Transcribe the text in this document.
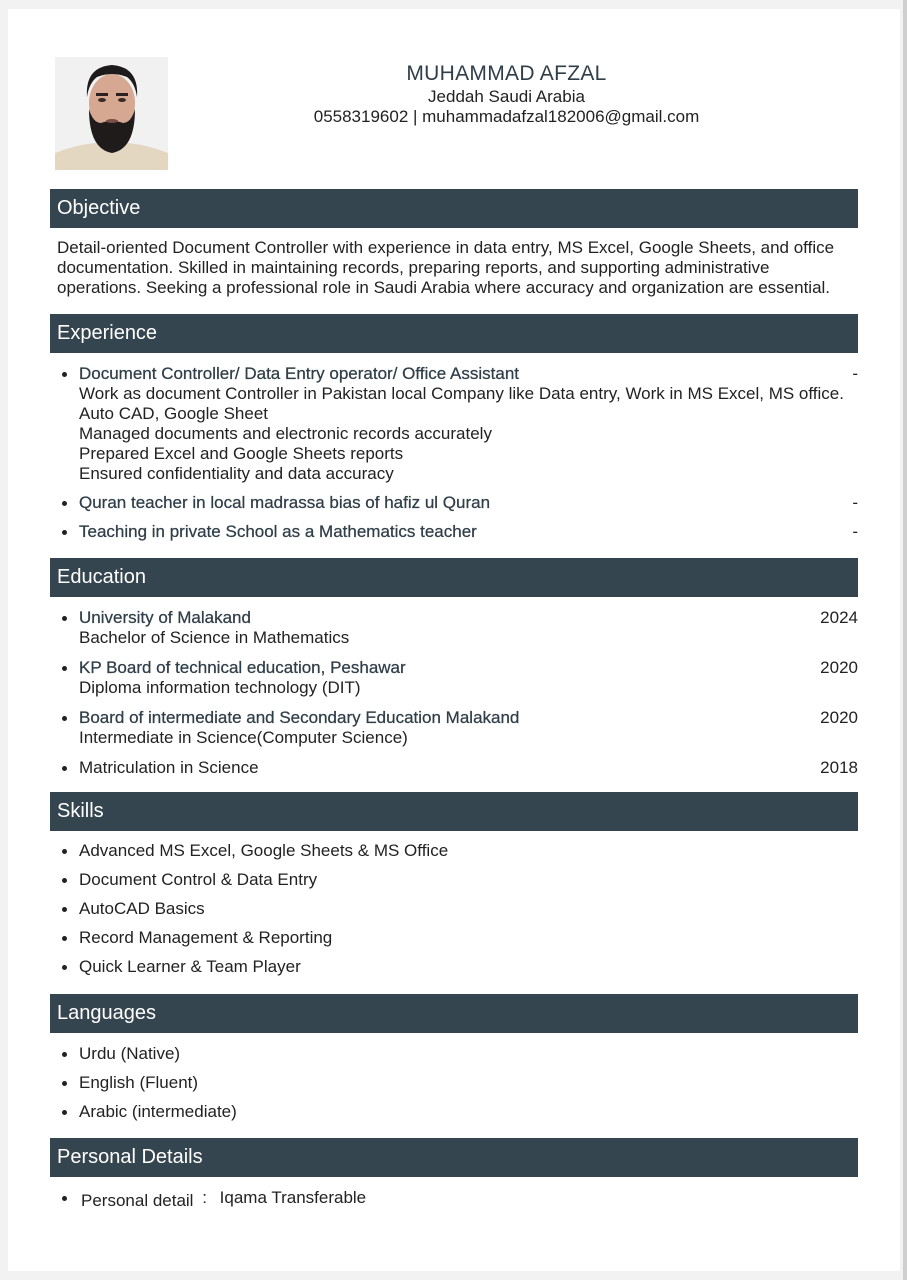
MUHAMMAD AFZAL
Jeddah Saudi Arabia
0558319602 | muhammadafzal182006@gmail.com
Objective
Detail-oriented Document Controller with experience in data entry, MS Excel, Google Sheets, and office documentation. Skilled in maintaining records, preparing reports, and supporting administrative operations. Seeking a professional role in Saudi Arabia where accuracy and organization are essential.
Experience
Document Controller/ Data Entry operator/ Office Assistant	-
Work as document Controller in Pakistan local Company like Data entry, Work in MS Excel, MS office. Auto CAD, Google Sheet
Managed documents and electronic records accurately
Prepared Excel and Google Sheets reports
Ensured confidentiality and data accuracy
Quran teacher in local madrassa bias of hafiz ul Quran	-
Teaching in private School as a Mathematics teacher	-
Education
University of Malakand	2024
Bachelor of Science in Mathematics
KP Board of technical education, Peshawar	2020
Diploma information technology (DIT)
Board of intermediate and Secondary Education Malakand	2020
Intermediate in Science(Computer Science)
Matriculation in Science	2018
Skills
Advanced MS Excel, Google Sheets & MS Office
Document Control & Data Entry
AutoCAD Basics
Record Management & Reporting
Quick Learner & Team Player
Languages
Urdu (Native)
English (Fluent)
Arabic (intermediate)
Personal Details
Personal detail : Iqama Transferable
